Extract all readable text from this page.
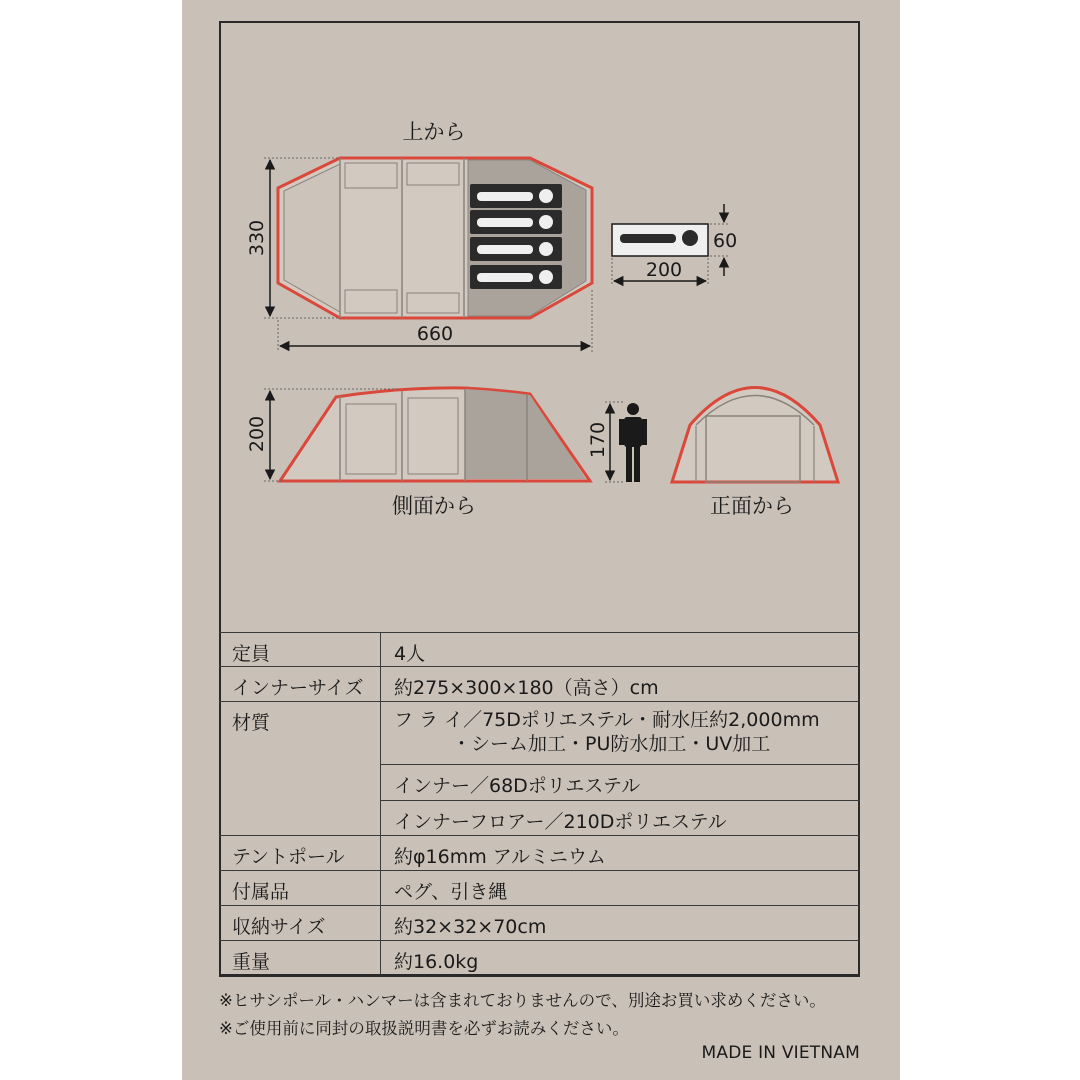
上から
330
660
60
200
200	170
側面から	正面から
定員	4人
インナーサイズ	約275×300×180（高さ）cm
材質	フ ラ イ／75Dポリエステル・耐水圧約2,000mm
・シーム加工・PU防水加工・UV加工

	インナー／68Dポリエステル
	インナーフロアー／210Dポリエステル
テントポール	約φ16mm アルミニウム
付属品	ペグ、引き縄
収納サイズ	約32×32×70cm
重量	約16.0kg
※ヒサシポール・ハンマーは含まれておりませんので、別途お買い求めください。
※ご使用前に同封の取扱説明書を必ずお読みください。
MADE IN VIETNAM
